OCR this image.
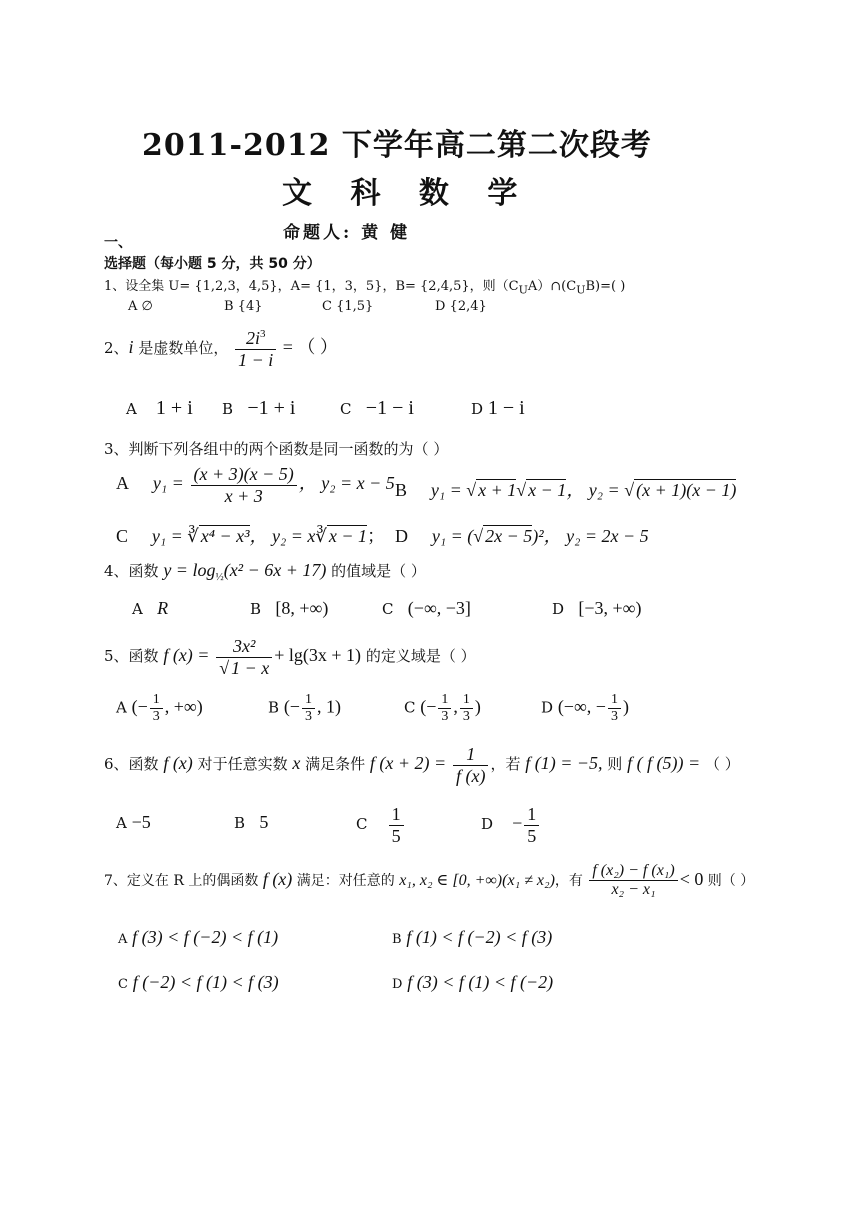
2011-2012 下学年高二第二次段考
文 科 数 学
命题人: 黄 健
一、
选择题（每小题 5 分，共 50 分）
1、设全集 U= {1,2,3，4,5}，A= {1，3，5}，B= {2,4,5}，则$(C_UA)\cap(C_UB)=$( )
A ∅	B {4}	C {1,5}	D {2,4}
2、i 是虚数单位， $\frac{2i^3}{1 - i}$ = （ ）
A 1 + i B −1 + i	C −1 − i	D 1 − i
3、判断下列各组中的两个函数是同一函数的为（ ）
A $y_1 = \frac{(x + 3)(x - 5)}{x + 3}$ ， y₂ = x − 5 B y₁ = √ x + 1√ x − 1， y₂ = √ (x + 1)(x − 1)
C y₁ = ∛ x⁴ − x³， y₂ = x∛ x − 1； D y₁ = (√ 2x − 5)²， y₂ = 2x − 5
4、函数 $y = \log_{\frac{1}{2}}(x^2 - 6x + 17)$ 的值域是（ ）
A R	B [8, +∞)	C (−∞, −3]	D [−3, +∞)
5、函数 f $(x) = \frac{\text{3x²}}{√ 1 - x} + \lg(3x + 1)$ 的定义域是（ ）
A (− $\frac{1}{3}$ , +∞)	B (− $\frac{1}{3}$ , 1)	C (− $\frac{1}{3}$ , $\frac{1}{3}$ )	D (−∞, − $\frac{1}{3}$ )
6、函数 f (x) 对于任意实数 x 满足条件 f $(x + 2) = \frac{1}{f (x)}$ ，若 f (1) = −5, 则 f ( f (5)) = （ ）
A −5	B 5	C $\frac{1}{5}$	$D - \frac{1}{5}$
7、定义在 R 上的偶函数 f (x) 满足：对任意的 x₁, x₂ ∈ [0, +∞)(x₁ ≠ x₂)，有 $\frac{\text{f (x₂) − f (x₁)}}{\text{x₂ − x₁}} < 0$ 则（ ）
A f (3) < f (−2) < f (1)	B f (1) < f (−2) < f (3)
C f (−2) < f (1) < f (3)	D f (3) < f (1) < f (−2)
